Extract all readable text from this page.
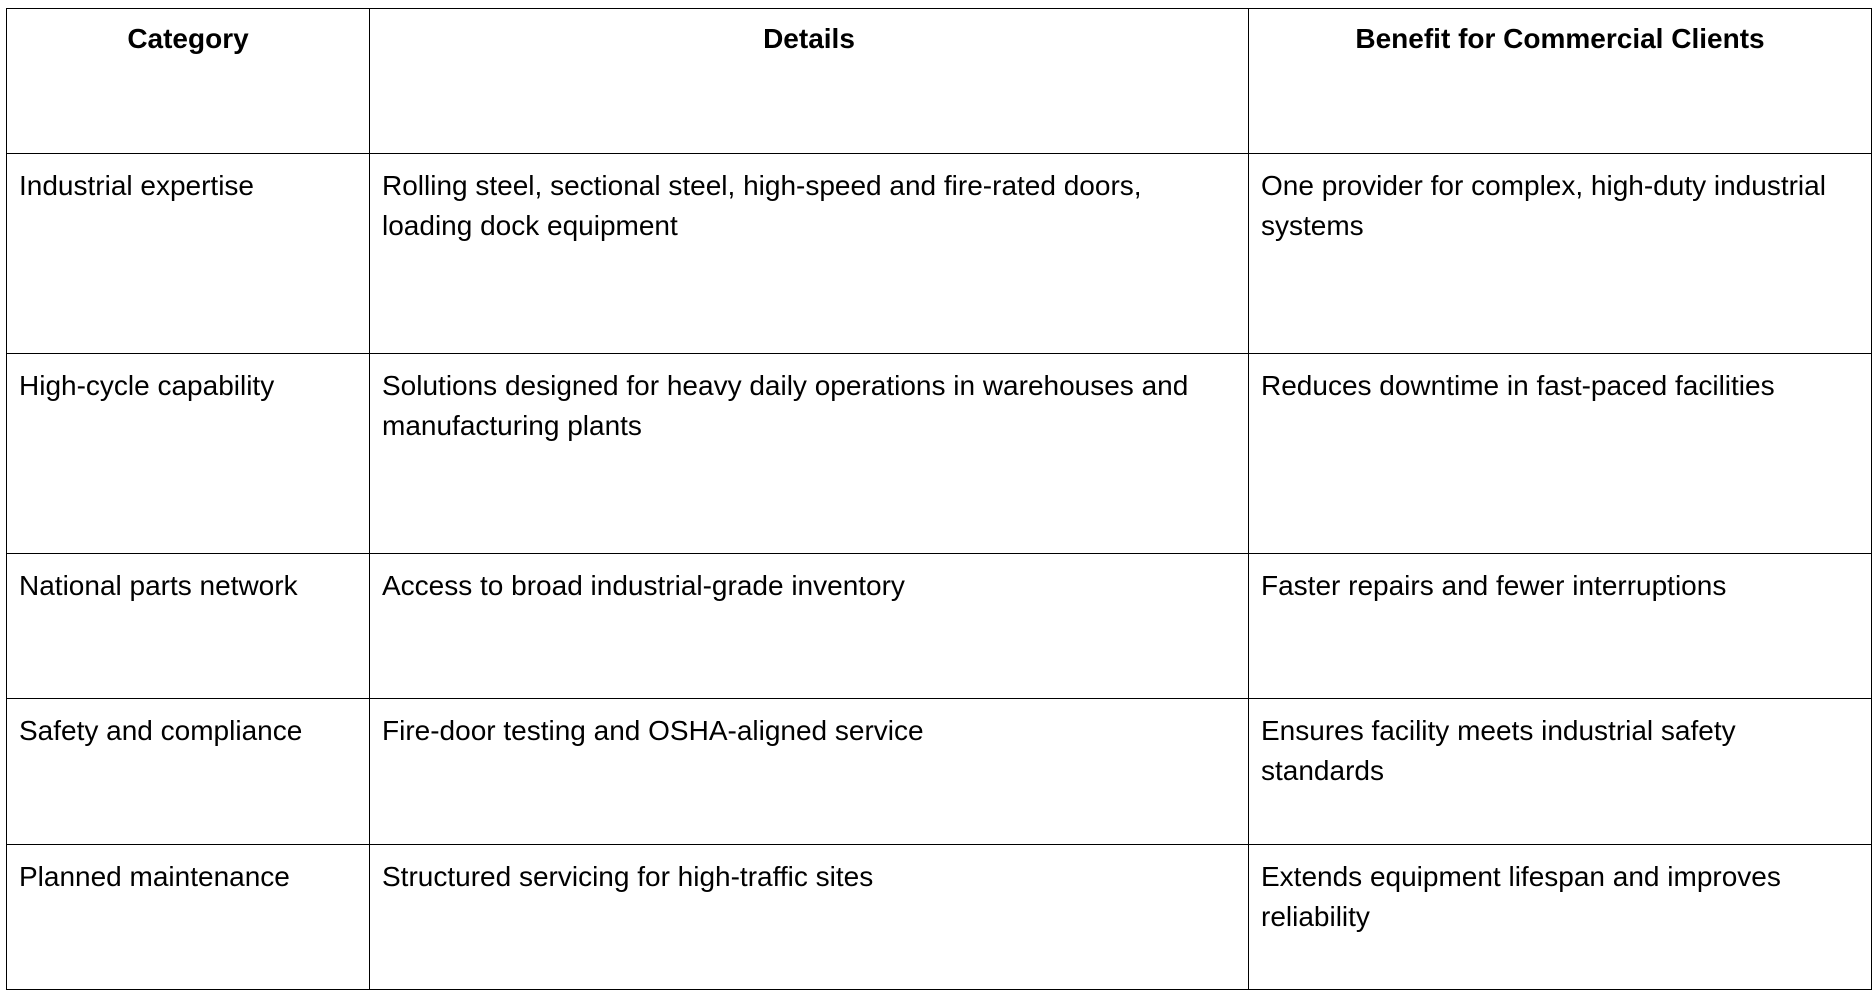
Category	Details	Benefit for Commercial Clients
Industrial expertise	Rolling steel, sectional steel, high-speed and fire-rated doors, loading dock equipment	One provider for complex, high-duty industrial systems
High-cycle capability	Solutions designed for heavy daily operations in warehouses and manufacturing plants	Reduces downtime in fast-paced facilities
National parts network	Access to broad industrial-grade inventory	Faster repairs and fewer interruptions
Safety and compliance	Fire-door testing and OSHA-aligned service	Ensures facility meets industrial safety standards
Planned maintenance	Structured servicing for high-traffic sites	Extends equipment lifespan and improves reliability
